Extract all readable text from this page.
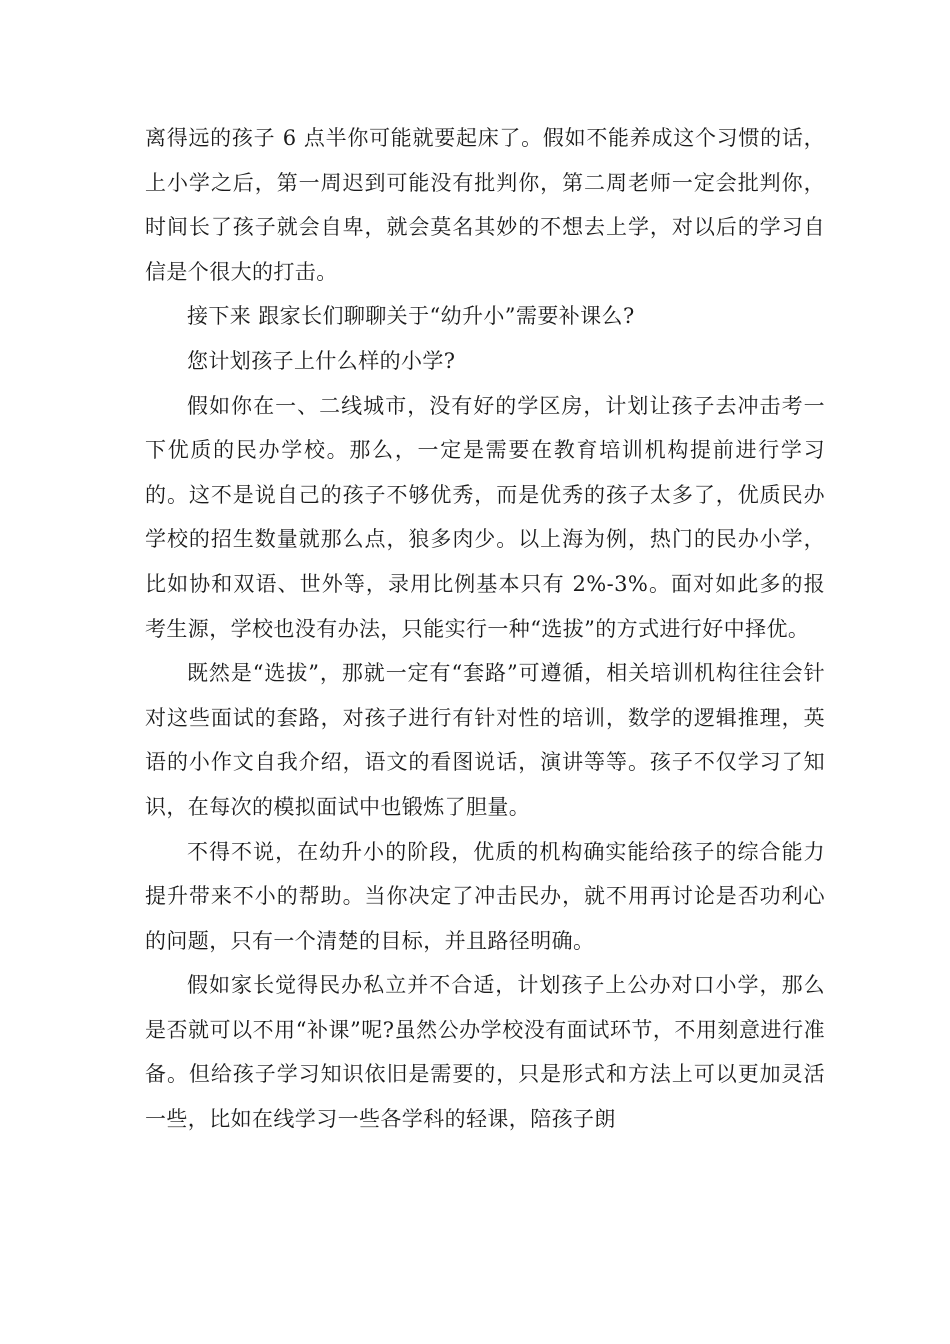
离得远的孩子 6 点半你可能就要起床了。假如不能养成这个习惯的话，上小学之后，第一周迟到可能没有批判你，第二周老师一定会批判你，时间长了孩子就会自卑，就会莫名其妙的不想去上学，对以后的学习自信是个很大的打击。

接下来 跟家长们聊聊关于“幼升小”需要补课么?

您计划孩子上什么样的小学?

假如你在一、二线城市，没有好的学区房，计划让孩子去冲击考一下优质的民办学校。那么，一定是需要在教育培训机构提前进行学习的。这不是说自己的孩子不够优秀，而是优秀的孩子太多了，优质民办学校的招生数量就那么点，狼多肉少。以上海为例，热门的民办小学，比如协和双语、世外等，录用比例基本只有 2%-3%。面对如此多的报考生源，学校也没有办法，只能实行一种“选拔”的方式进行好中择优。

既然是“选拔”，那就一定有“套路”可遵循，相关培训机构往往会针对这些面试的套路，对孩子进行有针对性的培训，数学的逻辑推理，英语的小作文自我介绍，语文的看图说话，演讲等等。孩子不仅学习了知识，在每次的模拟面试中也锻炼了胆量。

不得不说，在幼升小的阶段，优质的机构确实能给孩子的综合能力提升带来不小的帮助。当你决定了冲击民办，就不用再讨论是否功利心的问题，只有一个清楚的目标，并且路径明确。

假如家长觉得民办私立并不合适，计划孩子上公办对口小学，那么是否就可以不用“补课”呢?虽然公办学校没有面试环节，不用刻意进行准备。但给孩子学习知识依旧是需要的，只是形式和方法上可以更加灵活一些，比如在线学习一些各学科的轻课，陪孩子朗
